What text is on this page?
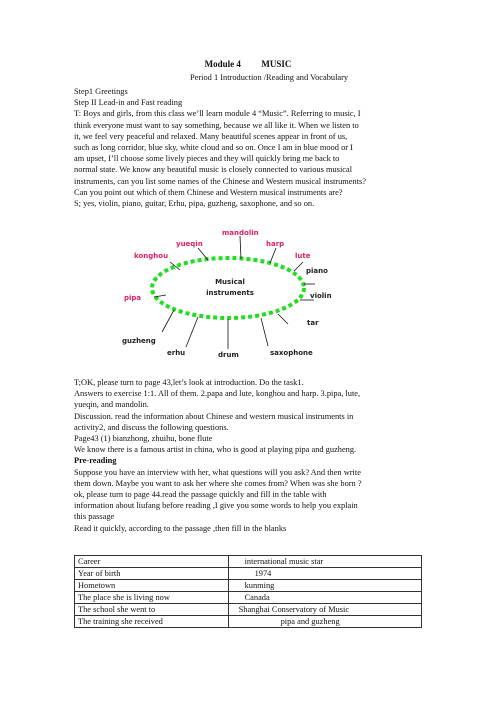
Module 4 MUSIC
Period 1 Introduction /Reading and Vocabulary

Step1 Greetings

Step II Lead-in and Fast reading

T: Boys and girls, from this class we’ll learn module 4 “Music”. Referring to music, I

think everyone must want to say something, because we all like it. When we listen to

it, we feel very peaceful and relaxed. Many beautiful scenes appear in front of us,

such as long corridor, blue sky, white cloud and so on. Once I am in blue mood or I

am upset, I’ll choose some lively pieces and they will quickly bring me back to

normal state. We know any beautiful music is closely connected to various musical

instruments, can you list some names of the Chinese and Western musical instruments?

Can you point out which of them Chinese and Western musical instruments are?

S; yes, violin, piano, guitar, Erhu, pipa, guzheng, saxophone, and so on.

Musical
instruments
mandolin
yueqin	harp
konghou	lute
piano
pipa	violin
tar
guzheng
erhu	drum	saxophone

T;OK, please turn to page 43,let’s look at introduction. Do the task1.

Answers to exercise 1:1. All of them. 2.papa and lute, konghou and harp. 3.pipa, lute,

yueqin, and mandolin.

Discussion. read the information about Chinese and western musical instruments in

activity2, and discuss the following questions.

Page43 (1) bianzhong, zhuihu, bone flute

We know there is a famous artist in china, who is good at playing pipa and guzheng.

Pre-reading

Suppose you have an interview with her, what questions will you ask? And then write

them down. Maybe you want to ask her where she comes from? When was she born ?

ok, please turn to page 44.read the passage quickly and fill in the table with

information about liufang before reading ,I give you some words to help you explain

this passage

Read it quickly, according to the passage ,then fill in the blanks

Career	international music star
Year of birth	1974
Hometown	kunming
The place she is living now	Canada
The school she went to	Shanghai Conservatory of Music
The training she received	pipa and guzheng
